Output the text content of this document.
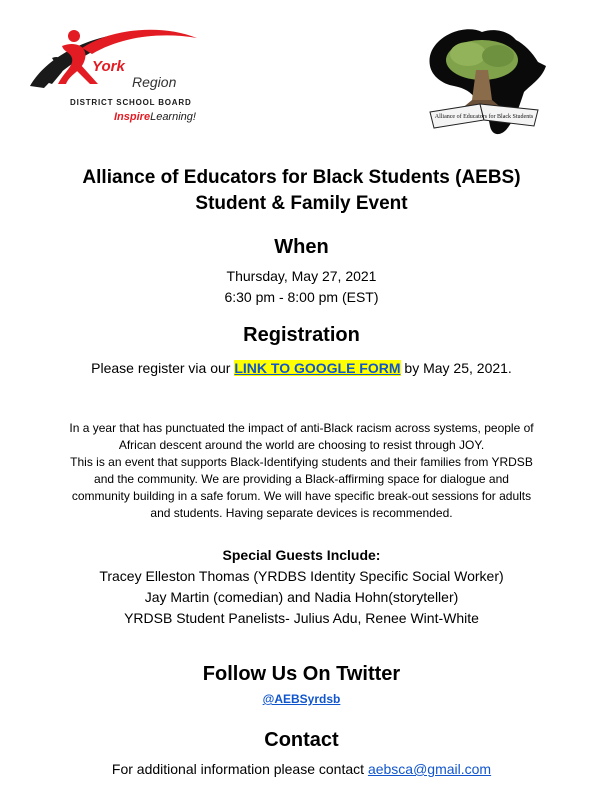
York
Region
DISTRICT SCHOOL BOARD
InspireLearning!	Alliance of Educators for Black Students
Alliance of Educators for Black Students (AEBS)
Student & Family Event
When
Thursday, May 27, 2021
6:30 pm - 8:00 pm (EST)
Registration
Please register via our LINK TO GOOGLE FORM by May 25, 2021.
In a year that has punctuated the impact of anti-Black racism across systems, people of
African descent around the world are choosing to resist through JOY.
This is an event that supports Black-Identifying students and their families from YRDSB
and the community. We are providing a Black-affirming space for dialogue and
community building in a safe forum. We will have specific break-out sessions for adults
and students. Having separate devices is recommended.
Special Guests Include:
Tracey Elleston Thomas (YRDBS Identity Specific Social Worker)
Jay Martin (comedian) and Nadia Hohn(storyteller)
YRDSB Student Panelists- Julius Adu, Renee Wint-White
Follow Us On Twitter
@AEBSyrdsb
Contact
For additional information please contact aebsca@gmail.com
